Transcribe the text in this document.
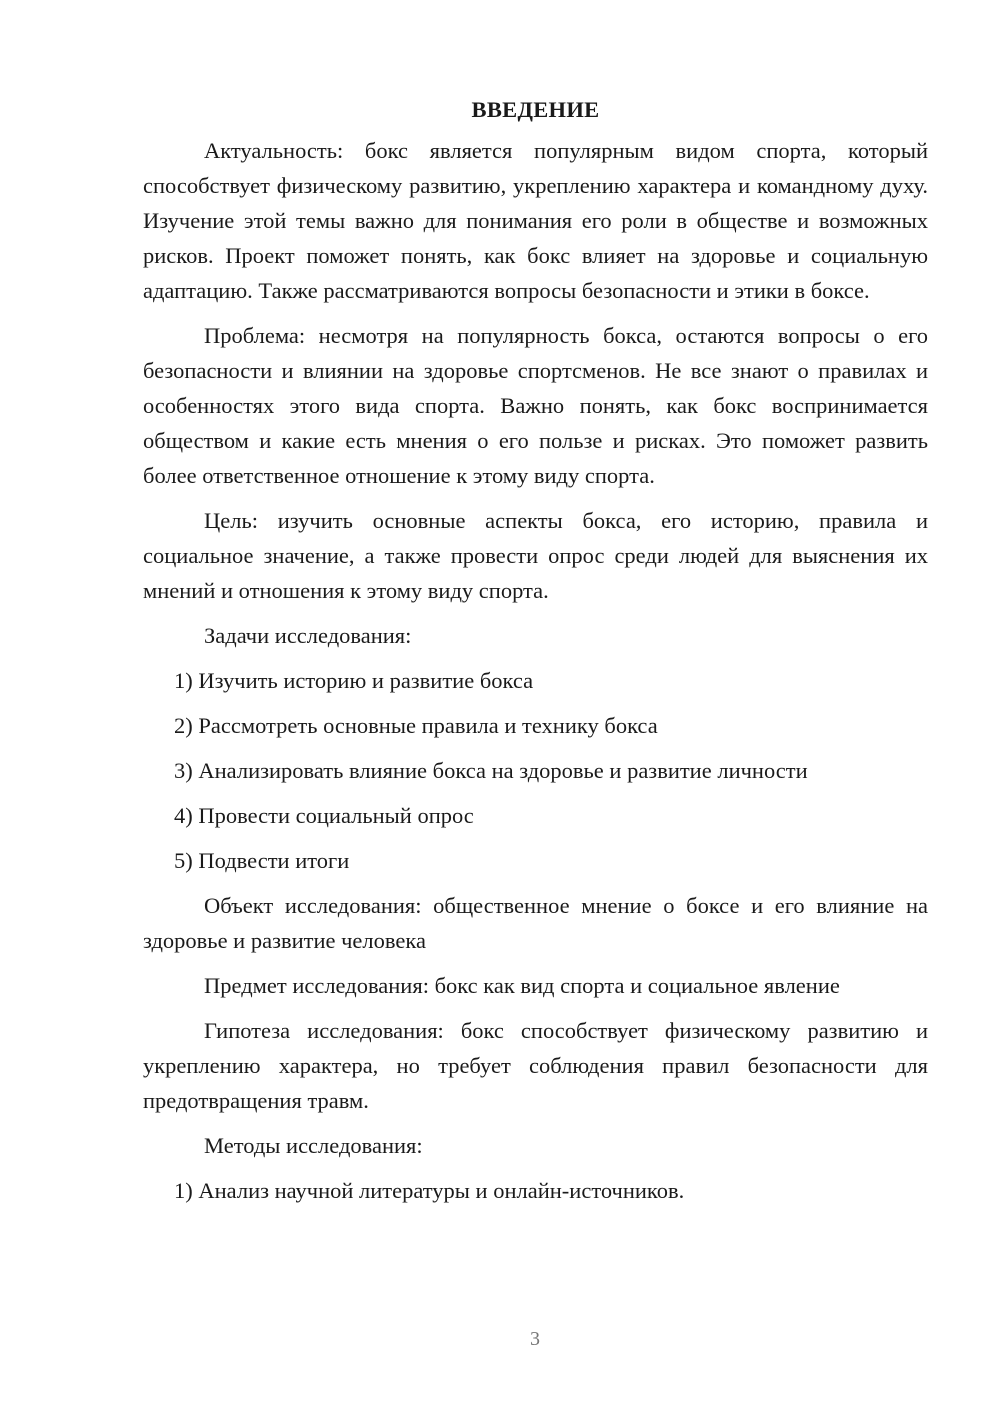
ВВЕДЕНИЕ

Актуальность: бокс является популярным видом спорта, который способствует физическому развитию, укреплению характера и командному духу. Изучение этой темы важно для понимания его роли в обществе и возможных рисков. Проект поможет понять, как бокс влияет на здоровье и социальную адаптацию. Также рассматриваются вопросы безопасности и этики в боксе.

Проблема: несмотря на популярность бокса, остаются вопросы о его безопасности и влиянии на здоровье спортсменов. Не все знают о правилах и особенностях этого вида спорта. Важно понять, как бокс воспринимается обществом и какие есть мнения о его пользе и рисках. Это поможет развить более ответственное отношение к этому виду спорта.

Цель: изучить основные аспекты бокса, его историю, правила и социальное значение, а также провести опрос среди людей для выяснения их мнений и отношения к этому виду спорта.

Задачи исследования:

1) Изучить историю и развитие бокса

2) Рассмотреть основные правила и технику бокса

3) Анализировать влияние бокса на здоровье и развитие личности

4) Провести социальный опрос

5) Подвести итоги

Объект исследования: общественное мнение о боксе и его влияние на здоровье и развитие человека

Предмет исследования: бокс как вид спорта и социальное явление

Гипотеза исследования: бокс способствует физическому развитию и укреплению характера, но требует соблюдения правил безопасности для предотвращения травм.

Методы исследования:

1) Анализ научной литературы и онлайн-источников.

3
